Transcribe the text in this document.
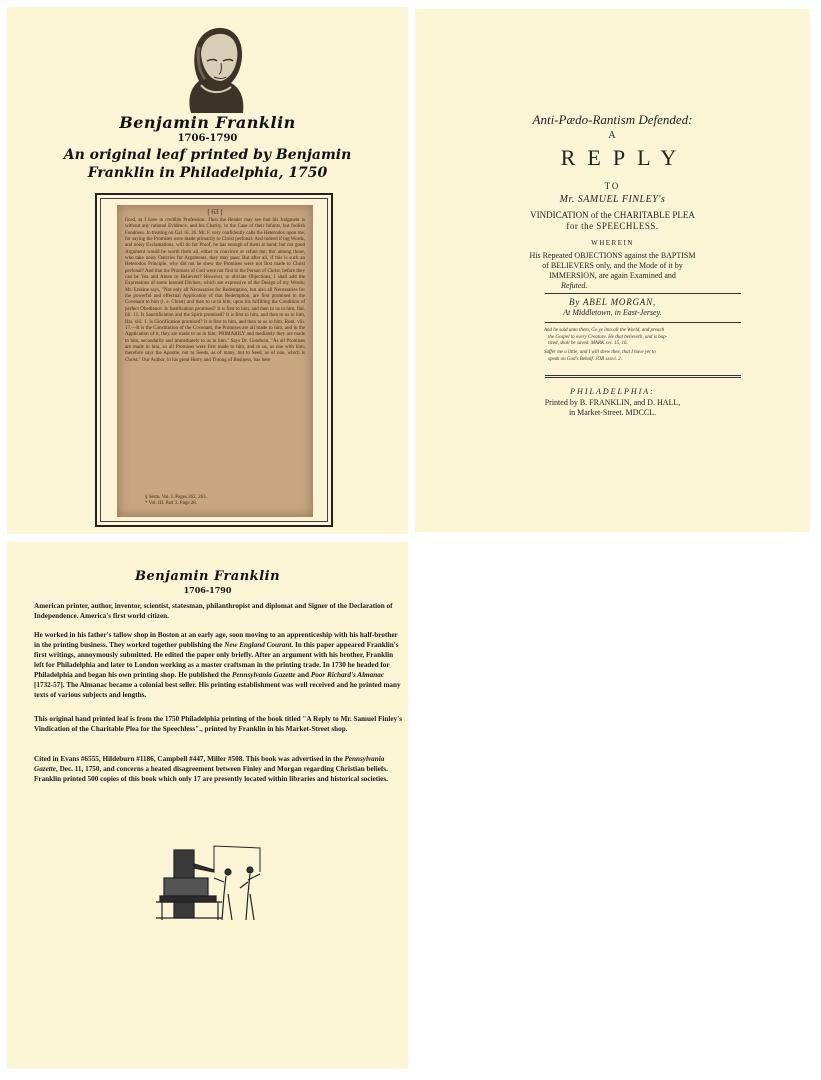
Benjamin Franklin
1706-1790
An original leaf printed by Benjamin
Franklin in Philadelphia, 1750
[ 63 ]
ficed, as I have in credible Profession: Then the Reader may see that his Judgment is without any rational Evidence, and his Charity, in the Case of their Infants, but foolish Fondness. In treating on Gal. iii. 26. Mr. F. very confidently calls the Heterodox upon me, for saying the Promises were made primarily to Christ perfonal: And indeed if big Words, and noisy Exclamations, will do for Proof, he has enough of them at hand; but not good Argument would be worth them all, either to convince or refute me; tho' among those, who take noisy Outcries for Arguments, they may pass: But after all, if this is such an Heterodox Principle, why did not he shew the Promises were not first made to Christ perfonal? And that the Promises of God were not first in the Person of Christ, before they can be Yea and Amen to Believers? However, to obviate Objections, I shall add the Expressions of some learned Divines, which are expressive of the Design of my Words; Mr. Erskine says, "Not only all Necessaries for Redemption, but also all Necessaries for the powerful and effectual Application of that Redemption, are first promised in the Covenant to him (i. e. Christ) and then to us in him, upon his fulfilling the Condition of perfect Obedience. Is Justification promised? It is first to him, and then to us in him, Ifai. liii. 11. Is Sanctification and the Spirit promised? It is first to him, and then to us in him, Ifai. xlii. 1. Is Glorification promised? It is first to him, and then to us in him, Rom. viii. 17.—It is the Constitution of the Covenant, the Promises are all made to him, and in the Application of it, they are made to us in him; PRIMARILY and mediately they are made to him, secondarily and immediately to us in him." Says Dr. Goodwin, "As all Promises are made in him, so all Promises were first made to him, and to us, as one with him; therefore says the Apostle, not to Seeds, as of many, but to Seed, as of one, which is Christ." Our Author, in his great Hurry and Throng of Business, has here
§ Serm. Vol. I. Pages 262, 263.
* Vol. III. Part 3. Page 28.
Anti-Pædo-Rantism Defended:
A
REPLY
TO
Mr. SAMUEL FINLEY's
VINDICATION of the CHARITABLE PLEA
for the SPEECHLESS.
WHEREIN
His Repeated OBJECTIONS against the BAPTISM
of BELIEVERS only, and the Mode of it by
IMMERSION, are again Examined and
Refuted.
By ABEL MORGAN,
At Middletown, in East-Jersey.
And he said unto them, Go ye into all the World, and preach
the Gospel to every Creature. He that believeth, and is bap-
tized, shall be saved. MARK xvi. 15, 16.
Suffer me a little, and I will shew thee, that I have yet to
speak on God's Behalf. JOB xxxvi. 2.
PHILADELPHIA:
Printed by B. FRANKLIN, and D. HALL,
in Market-Street. MDCCL.
Benjamin Franklin
1706-1790

American printer, author, inventor, scientist, statesman, philanthropist and diplomat and Signer of the Declaration of Independence. America's first world citizen.

He worked in his father's tallow shop in Boston at an early age, soon moving to an apprenticeship with his half-brother in the printing business. They worked together publishing the New England Courant. In this paper appeared Franklin's first writings, annoymously submitted. He edited the paper only briefly. After an argument with his brother, Franklin left for Philadelphia and later to London working as a master craftsman in the printing trade. In 1730 he headed for Philadelphia and began his own printing shop. He published the Pennsylvania Gazette and Poor Richard's Almanac [1732-57]. The Almanac became a colonial best seller. His printing establishment was well received and he printed many texts of various subjects and lengths.

This original hand printed leaf is from the 1750 Philadelphia printing of the book titled "A Reply to Mr. Samuel Finley's Vindication of the Charitable Plea for the Speechless"., printed by Franklin in his Market-Street shop.

Cited in Evans #6555, Hildeburn #1186, Campbell #447, Miller #508. This book was advertised in the Pennsylvania Gazette, Dec. 11, 1750, and concerns a heated disagreement between Finley and Morgan regarding Christian beliefs. Franklin printed 500 copies of this book which only 17 are presently located within libraries and historical societies.
